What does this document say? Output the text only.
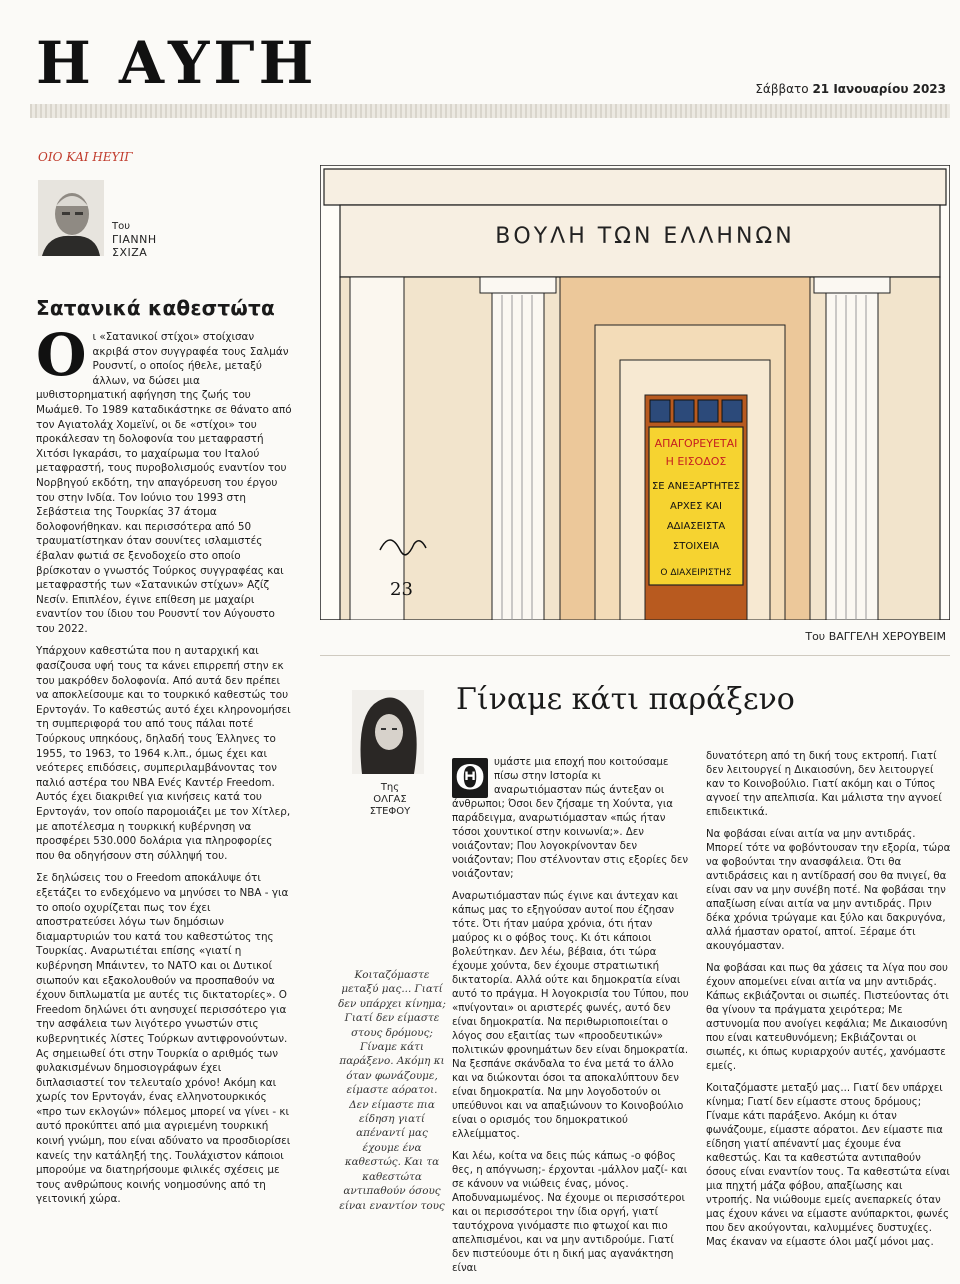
Η ΑΥΓΗ	Σάββατο 21 Ιανουαρίου 2023
ΟΙΟ ΚΑΙ ΗΕΥΙΓ
Του
ΓΙΑΝΝΗ
ΣΧΙΖΑ
Σατανικά καθεστώτα

Οι «Σατανικοί στίχοι» στοίχισαν ακριβά στον συγγραφέα τους Σαλμάν Ρουσντί, ο οποίος ήθελε, μεταξύ άλλων, να δώσει μια μυθιστορηματική αφήγηση της ζωής του Μωάμεθ. Το 1989 καταδικάστηκε σε θάνατο από τον Αγιατολάχ Χομεϊνί, οι δε «στίχοι» του προκάλεσαν τη δολοφονία του μεταφραστή Χιτόσι Ιγκαράσι, το μαχαίρωμα του Ιταλού μεταφραστή, τους πυροβολισμούς εναντίον του Νορβηγού εκδότη, την απαγόρευση του έργου του στην Ινδία. Τον Ιούνιο του 1993 στη Σεβάστεια της Τουρκίας 37 άτομα δολοφονήθηκαν. και περισσότερα από 50 τραυματίστηκαν όταν σουνίτες ισλαμιστές έβαλαν φωτιά σε ξενοδοχείο στο οποίο βρίσκοταν ο γνωστός Τούρκος συγγραφέας και μεταφραστής των «Σατανικών στίχων» Αζίζ Νεσίν. Επιπλέον, έγινε επίθεση με μαχαίρι εναντίον του ίδιου του Ρουσντί τον Αύγουστο του 2022.

Υπάρχουν καθεστώτα που η αυταρχική και φασίζουσα υφή τους τα κάνει επιρρεπή στην εκ του μακρόθεν δολοφονία. Από αυτά δεν πρέπει να αποκλείσουμε και το τουρκικό καθεστώς του Ερντογάν. Το καθεστώς αυτό έχει κληρονομήσει τη συμπεριφορά του από τους πάλαι ποτέ Τούρκους υπηκόους, δηλαδή τους Έλληνες το 1955, το 1963, το 1964 κ.λπ., όμως έχει και νεότερες επιδόσεις, συμπεριλαμβάνοντας τον παλιό αστέρα του NBA Ενές Καντέρ Freedom. Αυτός έχει διακριθεί για κινήσεις κατά του Ερντογάν, τον οποίο παρομοιάζει με τον Χίτλερ, με αποτέλεσμα η τουρκική κυβέρνηση να προσφέρει 530.000 δολάρια για πληροφορίες που θα οδηγήσουν στη σύλληψή του.

Σε δηλώσεις του ο Freedom αποκάλυψε ότι εξετάζει το ενδεχόμενο να μηνύσει το NBA - για το οποίο οχυρίζεται πως τον έχει αποστρατεύσει λόγω των δημόσιων διαμαρτυριών του κατά του καθεστώτος της Τουρκίας. Αναρωτιέται επίσης «γιατί η κυβέρνηση Μπάιντεν, το ΝΑΤΟ και οι Δυτικοί σιωπούν και εξακολουθούν να προσπαθούν να έχουν διπλωματία με αυτές τις δικτατορίες». Ο Freedom δηλώνει ότι ανησυχεί περισσότερο για την ασφάλεια των λιγότερο γνωστών στις κυβερνητικές λίστες Τούρκων αντιφρονούντων. Ας σημειωθεί ότι στην Τουρκία ο αριθμός των φυλακισμένων δημοσιογράφων έχει διπλασιαστεί τον τελευταίο χρόνο! Ακόμη και χωρίς τον Ερντογάν, ένας ελληνοτουρκικός «προ των εκλογών» πόλεμος μπορεί να γίνει - κι αυτό προκύπτει από μια αγριεμένη τουρκική κοινή γνώμη, που είναι αδύνατο να προσδιορίσει κανείς την κατάληξή της. Τουλάχιστον κάποιοι μπορούμε να διατηρήσουμε φιλικές σχέσεις με τους ανθρώπους κοινής νοημοσύνης από τη γειτονική χώρα.

ΒΟΥΛΗ ΤΩΝ ΕΛΛΗΝΩΝ
ΑΠΑΓΟΡΕΥΕΤΑΙ
Η ΕΙΣΟΔΟΣ
ΣΕ ΑΝΕΞΑΡΤΗΤΕΣ
ΑΡΧΕΣ ΚΑΙ
ΑΔΙΑΣΕΙΣΤΑ
ΣΤΟΙΧΕΙΑ
Ο ΔΙΑΧΕΙΡΙΣΤΗΣ
23
Του ΒΑΓΓΕΛΗ ΧΕΡΟΥΒΕΙΜ
Γίναμε κάτι παράξενο
Της
ΟΛΓΑΣ
ΣΤΕΦΟΥ
Κοιταζόμαστε μεταξύ μας... Γιατί δεν υπάρχει κίνημα; Γιατί δεν είμαστε στους δρόμους; Γίναμε κάτι παράξενο. Ακόμη κι όταν φωνάζουμε, είμαστε αόρατοι. Δεν είμαστε πια είδηση γιατί απέναντί μας έχουμε ένα καθεστώς. Και τα καθεστώτα αντιπαθούν όσους είναι εναντίον τους

Θ υμάστε μια εποχή που κοιτούσαμε πίσω στην Ιστορία κι αναρωτιόμασταν πώς άντεξαν οι άνθρωποι; Όσοι δεν ζήσαμε τη Χούντα, για παράδειγμα, αναρωτιόμασταν «πώς ήταν τόσοι χουντικοί στην κοινωνία;». Δεν νοιάζονταν; Που λογοκρίνονταν δεν νοιάζονταν; Που στέλνονταν στις εξορίες δεν νοιάζονταν;

Αναρωτιόμασταν πώς έγινε και άντεχαν και κάπως μας το εξηγούσαν αυτοί που έζησαν τότε. Ότι ήταν μαύρα χρόνια, ότι ήταν μαύρος κι ο φόβος τους. Κι ότι κάποιοι βολεύτηκαν. Δεν λέω, βέβαια, ότι τώρα έχουμε χούντα, δεν έχουμε στρατιωτική δικτατορία. Αλλά ούτε και δημοκρατία είναι αυτό το πράγμα. Η λογοκρισία του Τύπου, που «πνίγονται» οι αριστερές φωνές, αυτό δεν είναι δημοκρατία. Να περιθωριοποιείται ο λόγος σου εξαιτίας των «προοδευτικών» πολιτικών φρονημάτων δεν είναι δημοκρατία. Να ξεσπάνε σκάνδαλα το ένα μετά το άλλο και να διώκονται όσοι τα αποκαλύπτουν δεν είναι δημοκρατία. Να μην λογοδοτούν οι υπεύθυνοι και να απαξιώνουν το Κοινοβούλιο είναι ο ορισμός του δημοκρατικού ελλείμματος.

Και λέω, κοίτα να δεις πώς κάπως -ο φόβος θες, η απόγνωση;- έρχονται -μάλλον μαζί- και σε κάνουν να νιώθεις ένας, μόνος. Αποδυναμωμένος. Να έχουμε οι περισσότεροι και οι περισσότεροι την ίδια οργή, γιατί ταυτόχρονα γινόμαστε πιο φτωχοί και πιο απελπισμένοι, και να μην αντιδρούμε. Γιατί δεν πιστεύουμε ότι η δική μας αγανάκτηση είναι

δυνατότερη από τη δική τους εκτροπή. Γιατί δεν λειτουργεί η Δικαιοσύνη, δεν λειτουργεί καν το Κοινοβούλιο. Γιατί ακόμη και ο Τύπος αγνοεί την απελπισία. Και μάλιστα την αγνοεί επιδεικτικά.

Να φοβάσαι είναι αιτία να μην αντιδράς. Μπορεί τότε να φοβόντουσαν την εξορία, τώρα να φοβούνται την ανασφάλεια. Ότι θα αντιδράσεις και η αντίδρασή σου θα πνιγεί, θα είναι σαν να μην συνέβη ποτέ. Να φοβάσαι την απαξίωση είναι αιτία να μην αντιδράς. Πριν δέκα χρόνια τρώγαμε και ξύλο και δακρυγόνα, αλλά ήμασταν ορατοί, απτοί. Ξέραμε ότι ακουγόμασταν.

Να φοβάσαι και πως θα χάσεις τα λίγα που σου έχουν απομείνει είναι αιτία να μην αντιδράς. Κάπως εκβιάζονται οι σιωπές. Πιστεύοντας ότι θα γίνουν τα πράγματα χειρότερα; Με αστυνομία που ανοίγει κεφάλια; Με Δικαιοσύνη που είναι κατευθυνόμενη; Εκβιάζονται οι σιωπές, κι όπως κυριαρχούν αυτές, χανόμαστε εμείς.

Κοιταζόμαστε μεταξύ μας... Γιατί δεν υπάρχει κίνημα; Γιατί δεν είμαστε στους δρόμους; Γίναμε κάτι παράξενο. Ακόμη κι όταν φωνάζουμε, είμαστε αόρατοι. Δεν είμαστε πια είδηση γιατί απέναντί μας έχουμε ένα καθεστώς. Και τα καθεστώτα αντιπαθούν όσους είναι εναντίον τους. Τα καθεστώτα είναι μια πηχτή μάζα φόβου, απαξίωσης και ντροπής. Να νιώθουμε εμείς ανεπαρκείς όταν μας έχουν κάνει να είμαστε ανύπαρκτοι, φωνές που δεν ακούγονται, καλυμμένες δυστυχίες. Μας έκαναν να είμαστε όλοι μαζί μόνοι μας.
